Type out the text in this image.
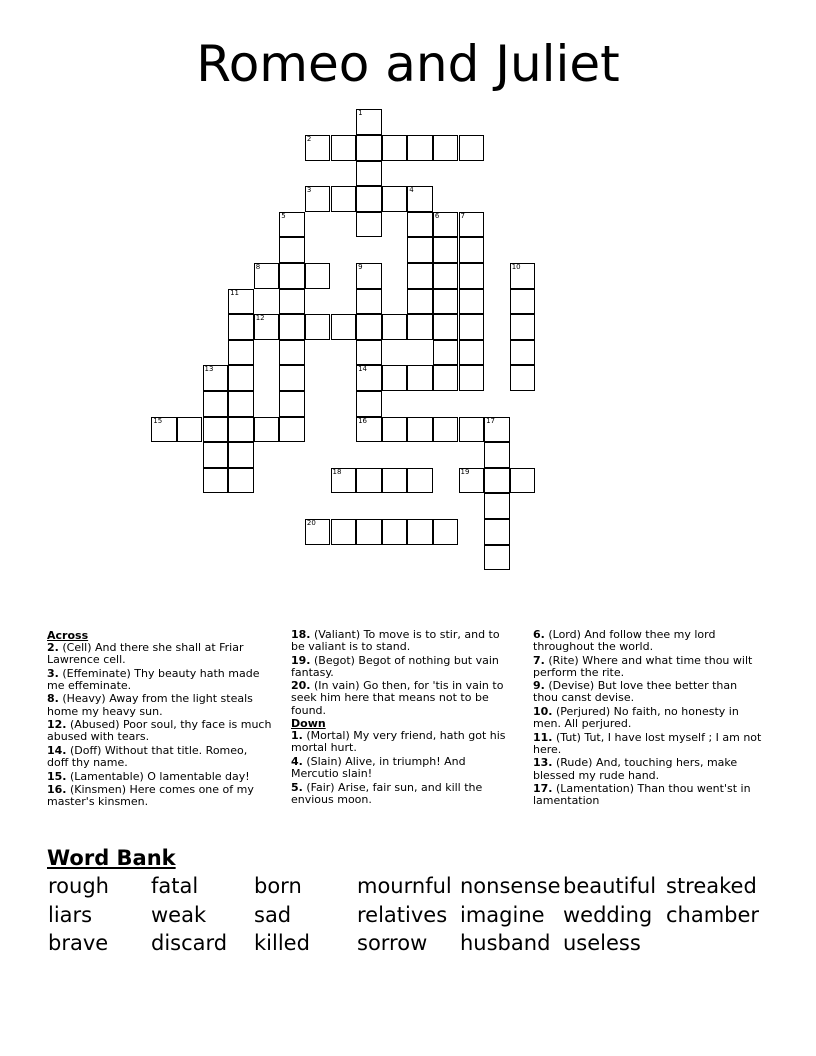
Romeo and Juliet
1
2
3	4
5	6	7
8	9	10
11
12
13	14
15	16	17
18	19
20
Across
2. (Cell) And there she shall at Friar Lawrence cell.
3. (Effeminate) Thy beauty hath made me effeminate.
8. (Heavy) Away from the light steals home my heavy sun.
12. (Abused) Poor soul, thy face is much abused with tears.
14. (Doff) Without that title. Romeo, doff thy name.
15. (Lamentable) O lamentable day!
16. (Kinsmen) Here comes one of my master's kinsmen.
18. (Valiant) To move is to stir, and to be valiant is to stand.
19. (Begot) Begot of nothing but vain fantasy.
20. (In vain) Go then, for 'tis in vain to seek him here that means not to be found.
Down
1. (Mortal) My very friend, hath got his mortal hurt.
4. (Slain) Alive, in triumph! And Mercutio slain!
5. (Fair) Arise, fair sun, and kill the envious moon.
6. (Lord) And follow thee my lord throughout the world.
7. (Rite) Where and what time thou wilt perform the rite.
9. (Devise) But love thee better than thou canst devise.
10. (Perjured) No faith, no honesty in men. All perjured.
11. (Tut) Tut, I have lost myself ; I am not here.
13. (Rude) And, touching hers, make blessed my rude hand.
17. (Lamentation) Than thou went'st in lamentation
Word Bank
rough fatal	born	mournful nonsense beautiful streaked
liars	weak sad	relatives imagine wedding chamber
brave discard killed sorrow husband useless
